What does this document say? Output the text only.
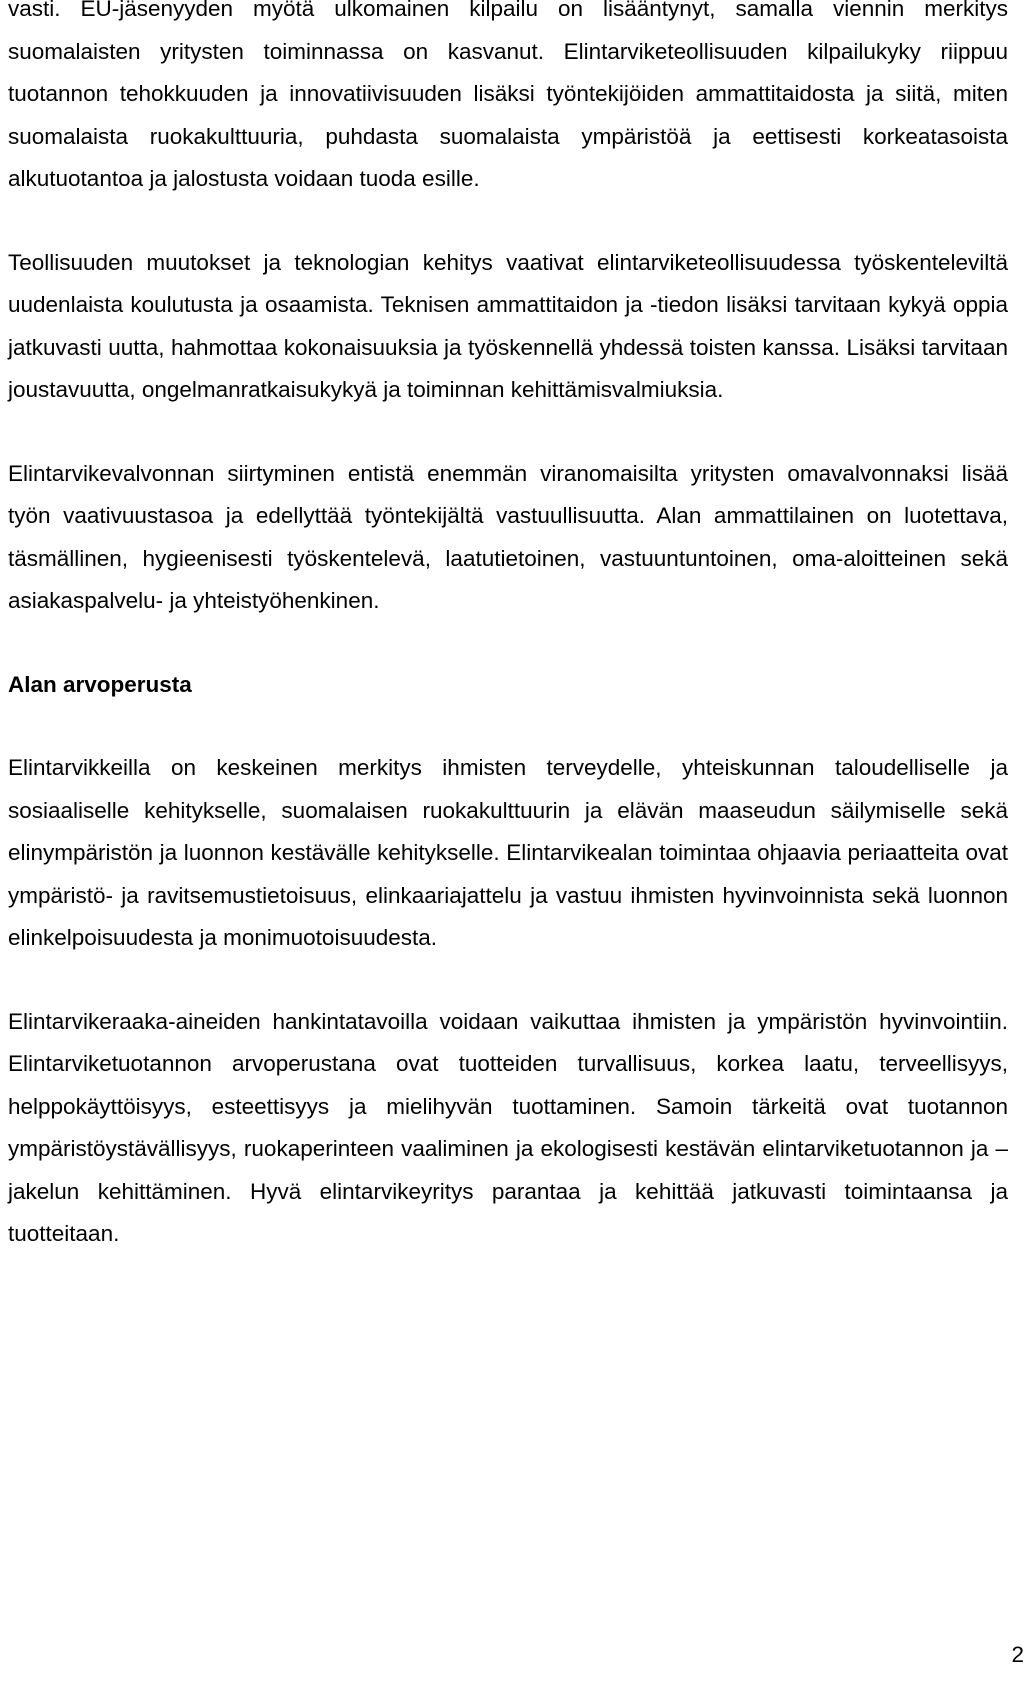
vasti. EU-jäsenyyden myötä ulkomainen kilpailu on lisääntynyt, samalla viennin merkitys suomalaisten yritysten toiminnassa on kasvanut. Elintarviketeollisuuden kilpailukyky riippuu tuotannon tehokkuuden ja innovatiivisuuden lisäksi työntekijöiden ammattitaidosta ja siitä, miten suomalaista ruokakulttuuria, puhdasta suomalaista ympäristöä ja eettisesti korkeatasoista alkutuotantoa ja jalostusta voidaan tuoda esille.

Teollisuuden muutokset ja teknologian kehitys vaativat elintarviketeollisuudessa työskenteleviltä uudenlaista koulutusta ja osaamista. Teknisen ammattitaidon ja -tiedon lisäksi tarvitaan kykyä oppia jatkuvasti uutta, hahmottaa kokonaisuuksia ja työskennellä yhdessä toisten kanssa. Lisäksi tarvitaan joustavuutta, ongelmanratkaisukykyä ja toiminnan kehittämisvalmiuksia.

Elintarvikevalvonnan siirtyminen entistä enemmän viranomaisilta yritysten omavalvonnaksi lisää työn vaativuustasoa ja edellyttää työntekijältä vastuullisuutta. Alan ammattilainen on luotettava, täsmällinen, hygieenisesti työskentelevä, laatutietoinen, vastuuntuntoinen, oma-aloitteinen sekä asiakaspalvelu- ja yhteistyöhenkinen.

Alan arvoperusta

Elintarvikkeilla on keskeinen merkitys ihmisten terveydelle, yhteiskunnan taloudelliselle ja sosiaaliselle kehitykselle, suomalaisen ruokakulttuurin ja elävän maaseudun säilymiselle sekä elinympäristön ja luonnon kestävälle kehitykselle. Elintarvikealan toimintaa ohjaavia periaatteita ovat ympäristö- ja ravitsemustietoisuus, elinkaariajattelu ja vastuu ihmisten hyvinvoinnista sekä luonnon elinkelpoisuudesta ja monimuotoisuudesta.

Elintarvikeraaka-aineiden hankintatavoilla voidaan vaikuttaa ihmisten ja ympäristön hyvinvointiin. Elintarviketuotannon arvoperustana ovat tuotteiden turvallisuus, korkea laatu, terveellisyys, helppokäyttöisyys, esteettisyys ja mielihyvän tuottaminen. Samoin tärkeitä ovat tuotannon ympäristöystävällisyys, ruokaperinteen vaaliminen ja ekologisesti kestävän elintarviketuotannon ja –jakelun kehittäminen. Hyvä elintarvikeyritys parantaa ja kehittää jatkuvasti toimintaansa ja tuotteitaan.

2
